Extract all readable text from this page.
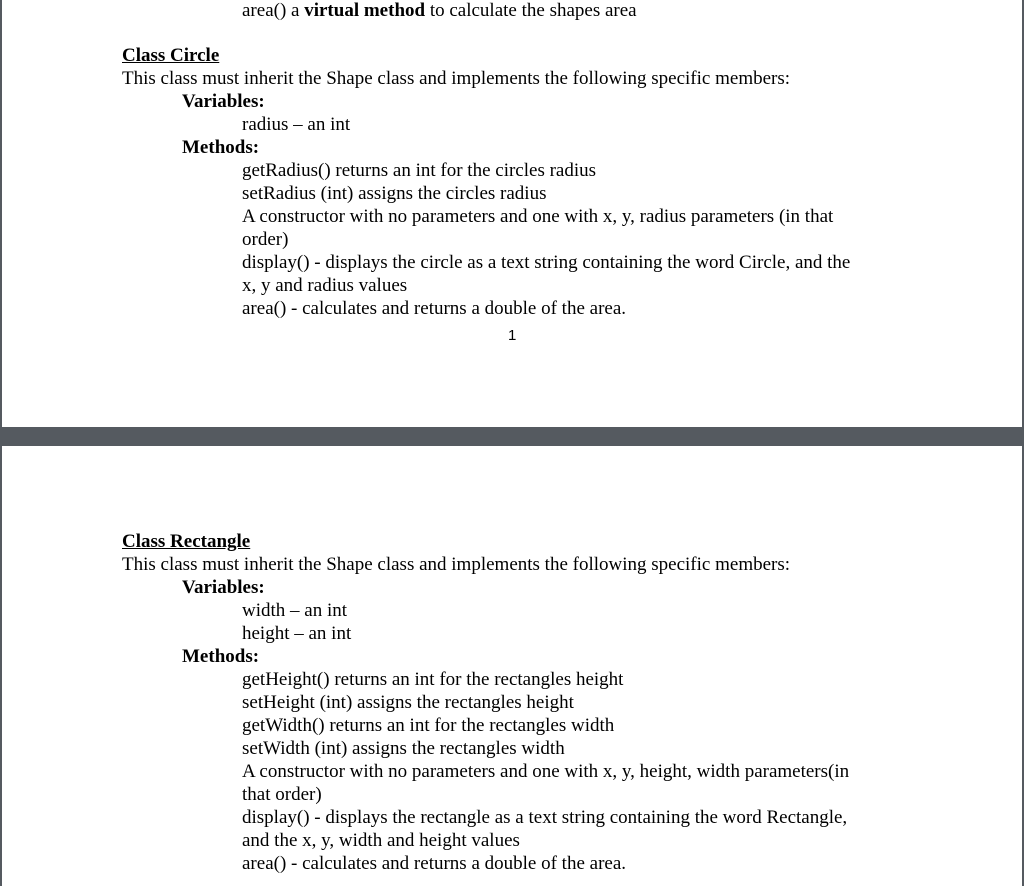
area() a virtual method to calculate the shapes area
Class Circle
This class must inherit the Shape class and implements the following specific members:
Variables:
radius – an int
Methods:
getRadius() returns an int for the circles radius
setRadius (int) assigns the circles radius
A constructor with no parameters and one with x, y, radius parameters (in that
order)
display() - displays the circle as a text string containing the word Circle, and the
x, y and radius values
area() - calculates and returns a double of the area.
1
Class Rectangle
This class must inherit the Shape class and implements the following specific members:
Variables:
width – an int
height – an int
Methods:
getHeight() returns an int for the rectangles height
setHeight (int) assigns the rectangles height
getWidth() returns an int for the rectangles width
setWidth (int) assigns the rectangles width
A constructor with no parameters and one with x, y, height, width parameters(in
that order)
display() - displays the rectangle as a text string containing the word Rectangle,
and the x, y, width and height values
area() - calculates and returns a double of the area.
